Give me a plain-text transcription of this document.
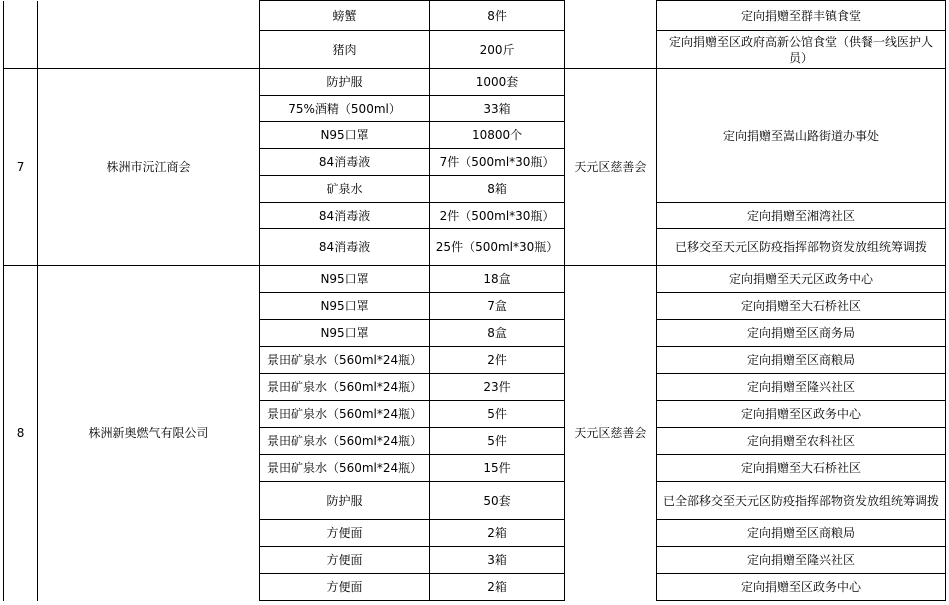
		螃蟹	8件		定向捐赠至群丰镇食堂
		猪肉	200斤		定向捐赠至区政府高新公馆食堂（供餐一线医护人员）
7	株洲市沅江商会	防护服	1000套	天元区慈善会	定向捐赠至嵩山路街道办事处
		75%酒精（500ml）	33箱		
		N95口罩	10800个		
		84消毒液	7件（500ml*30瓶）		
		矿泉水	8箱		
		84消毒液	2件（500ml*30瓶）		定向捐赠至湘湾社区
		84消毒液	25件（500ml*30瓶）		已移交至天元区防疫指挥部物资发放组统筹调拨
8	株洲新奥燃气有限公司	N95口罩	18盒	天元区慈善会	定向捐赠至天元区政务中心
		N95口罩	7盒		定向捐赠至大石桥社区
		N95口罩	8盒		定向捐赠至区商务局
		景田矿泉水（560ml*24瓶）	2件		定向捐赠至区商粮局
		景田矿泉水（560ml*24瓶）	23件		定向捐赠至隆兴社区
		景田矿泉水（560ml*24瓶）	5件		定向捐赠至区政务中心
		景田矿泉水（560ml*24瓶）	5件		定向捐赠至农科社区
		景田矿泉水（560ml*24瓶）	15件		定向捐赠至大石桥社区
		防护服	50套		已全部移交至天元区防疫指挥部物资发放组统筹调拨
		方便面	2箱		定向捐赠至区商粮局
		方便面	3箱		定向捐赠至隆兴社区
		方便面	2箱		定向捐赠至区政务中心
